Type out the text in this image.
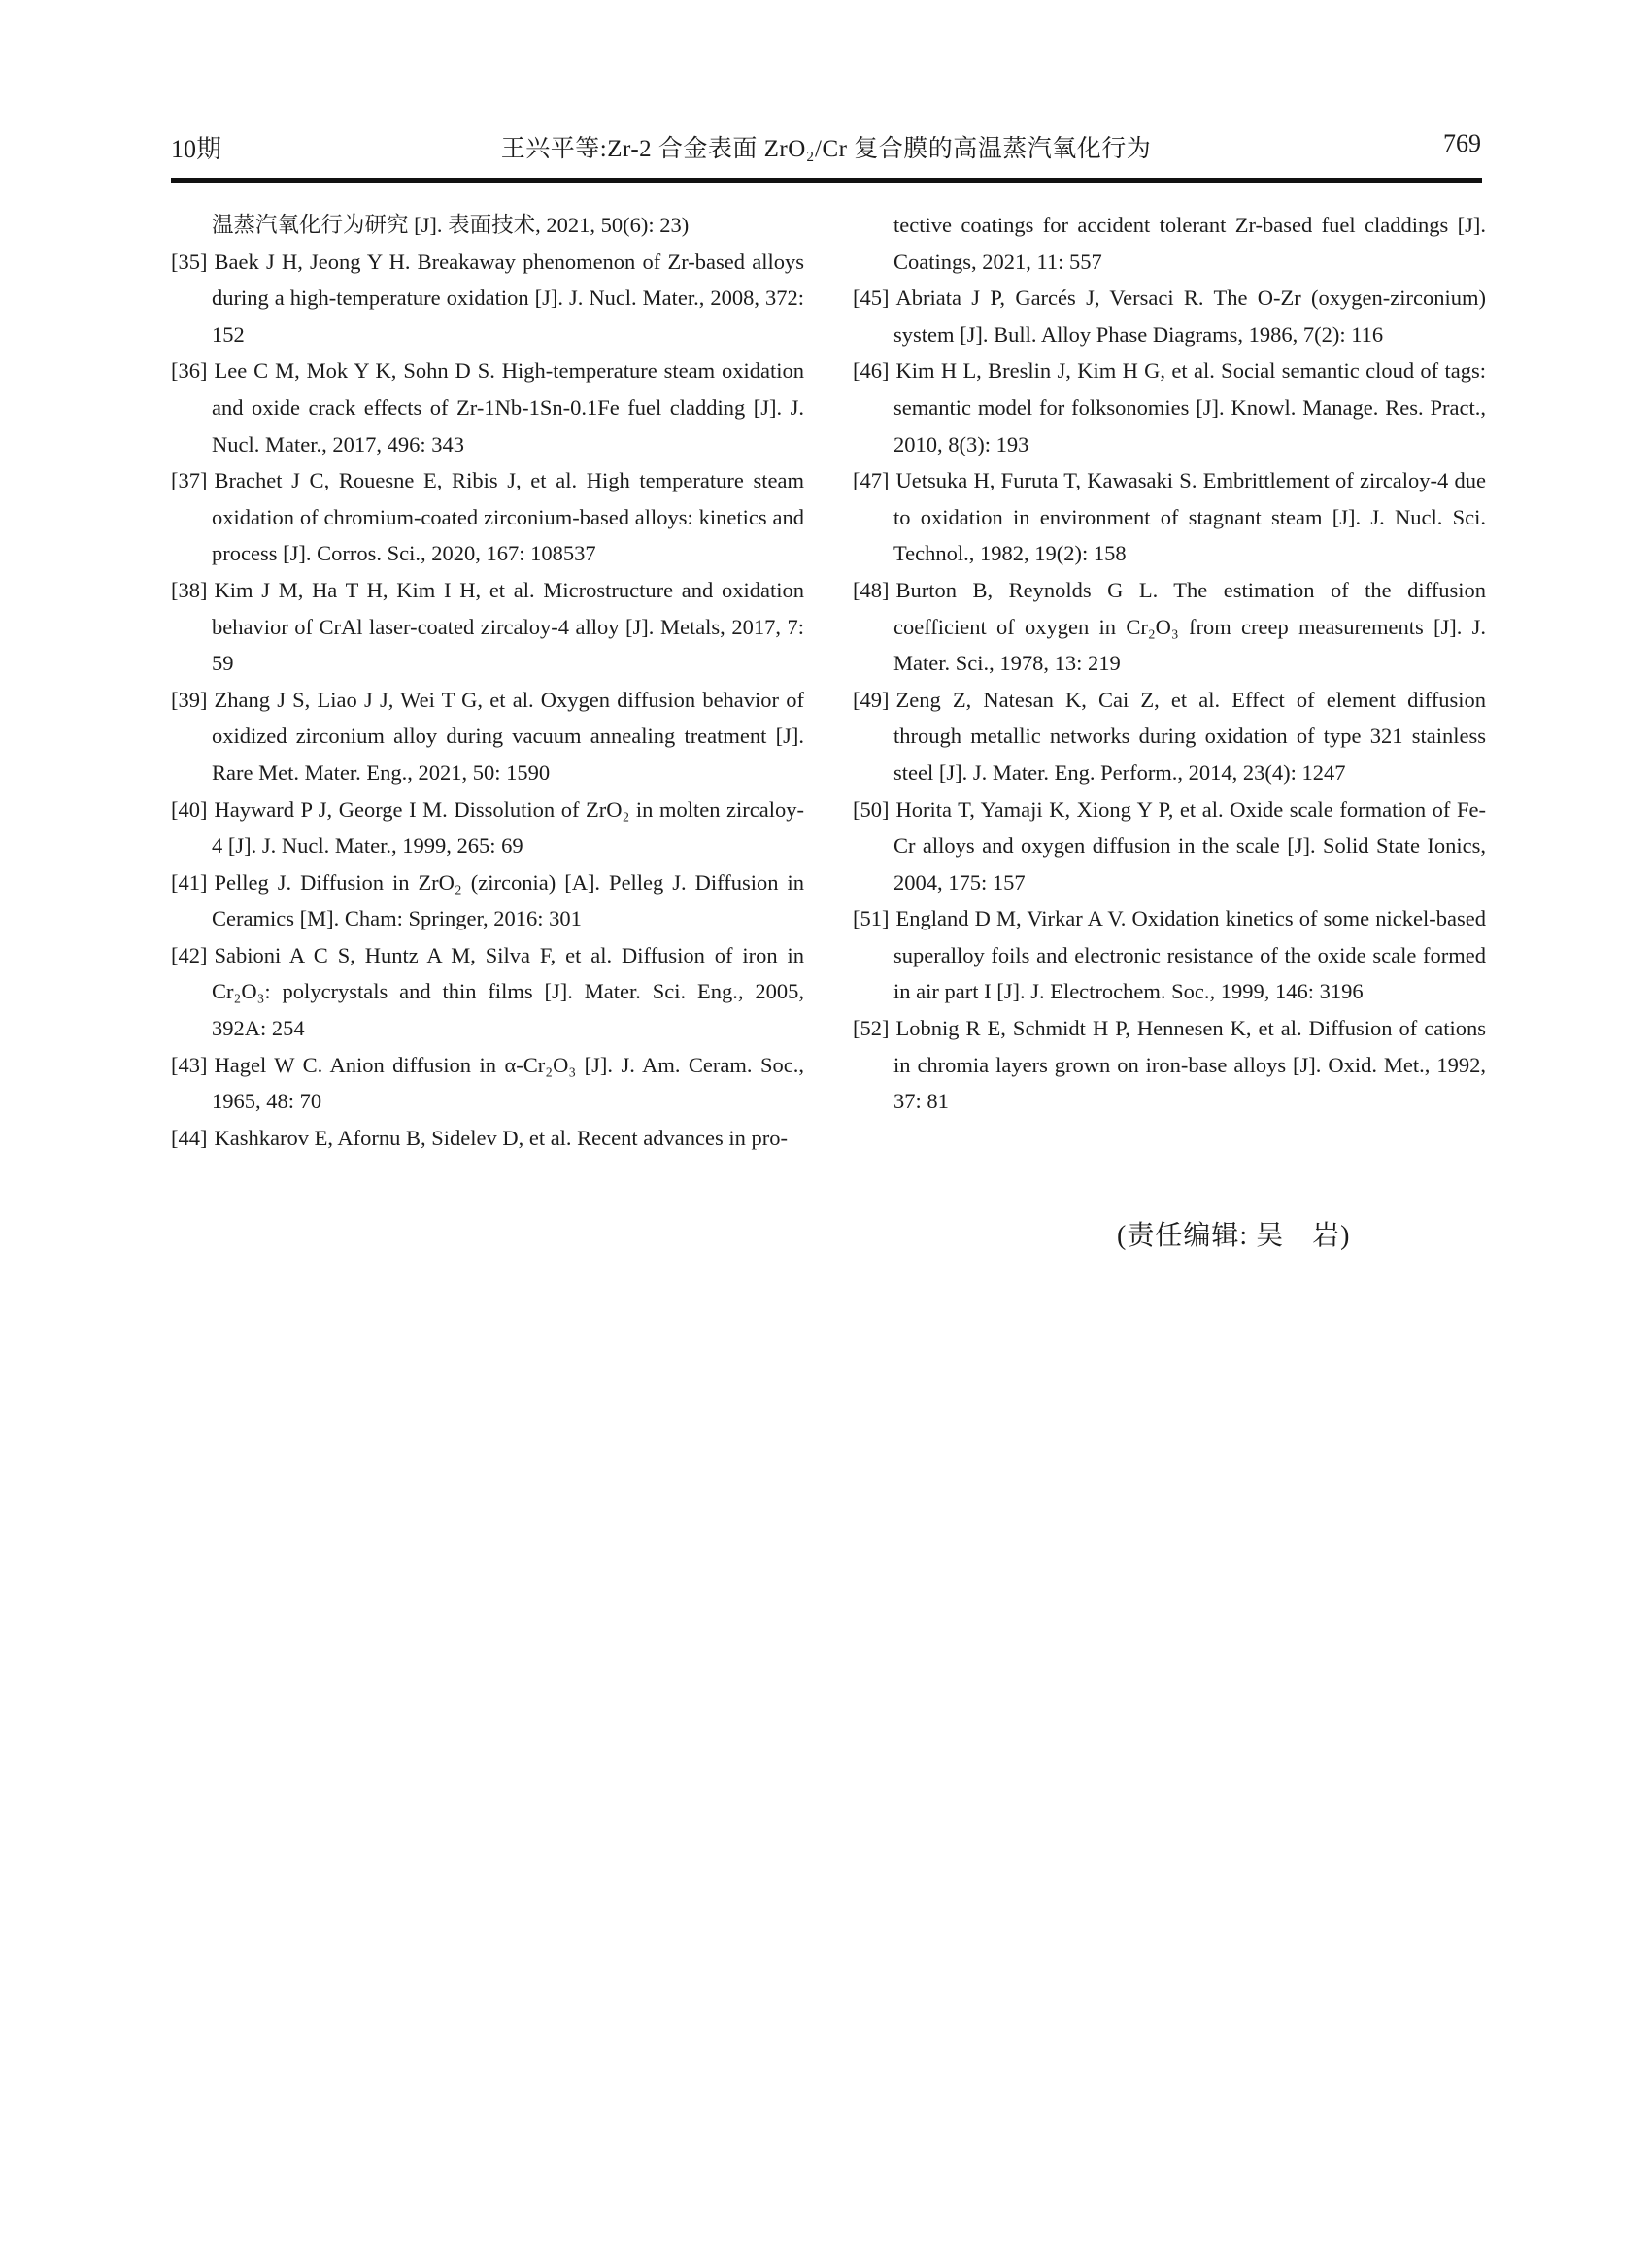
10期	王兴平等:Zr-2 合金表面 ZrO₂/Cr 复合膜的高温蒸汽氧化行为	769

温蒸汽氧化行为研究 [J]. 表面技术, 2021, 50(6): 23)

[35] Baek J H, Jeong Y H. Breakaway phenomenon of Zr-based alloys during a high-temperature oxidation [J]. J. Nucl. Mater., 2008, 372: 152

[36] Lee C M, Mok Y K, Sohn D S. High-temperature steam oxidation and oxide crack effects of Zr-1Nb-1Sn-0.1Fe fuel cladding [J]. J. Nucl. Mater., 2017, 496: 343

[37] Brachet J C, Rouesne E, Ribis J, et al. High temperature steam oxidation of chromium-coated zirconium-based alloys: kinetics and process [J]. Corros. Sci., 2020, 167: 108537

[38] Kim J M, Ha T H, Kim I H, et al. Microstructure and oxidation behavior of CrAl laser-coated zircaloy-4 alloy [J]. Metals, 2017, 7: 59

[39] Zhang J S, Liao J J, Wei T G, et al. Oxygen diffusion behavior of oxidized zirconium alloy during vacuum annealing treatment [J]. Rare Met. Mater. Eng., 2021, 50: 1590

[40] Hayward P J, George I M. Dissolution of ZrO₂ in molten zircaloy-4 [J]. J. Nucl. Mater., 1999, 265: 69

[41] Pelleg J. Diffusion in ZrO₂ (zirconia) [A]. Pelleg J. Diffusion in Ceramics [M]. Cham: Springer, 2016: 301

[42] Sabioni A C S, Huntz A M, Silva F, et al. Diffusion of iron in Cr₂O₃: polycrystals and thin films [J]. Mater. Sci. Eng., 2005, 392A: 254

[43] Hagel W C. Anion diffusion in α-Cr₂O₃ [J]. J. Am. Ceram. Soc., 1965, 48: 70

[44] Kashkarov E, Afornu B, Sidelev D, et al. Recent advances in pro-

tective coatings for accident tolerant Zr-based fuel claddings [J]. Coatings, 2021, 11: 557

[45] Abriata J P, Garcés J, Versaci R. The O-Zr (oxygen-zirconium) system [J]. Bull. Alloy Phase Diagrams, 1986, 7(2): 116

[46] Kim H L, Breslin J, Kim H G, et al. Social semantic cloud of tags: semantic model for folksonomies [J]. Knowl. Manage. Res. Pract., 2010, 8(3): 193

[47] Uetsuka H, Furuta T, Kawasaki S. Embrittlement of zircaloy-4 due to oxidation in environment of stagnant steam [J]. J. Nucl. Sci. Technol., 1982, 19(2): 158

[48] Burton B, Reynolds G L. The estimation of the diffusion coefficient of oxygen in Cr₂O₃ from creep measurements [J]. J. Mater. Sci., 1978, 13: 219

[49] Zeng Z, Natesan K, Cai Z, et al. Effect of element diffusion through metallic networks during oxidation of type 321 stainless steel [J]. J. Mater. Eng. Perform., 2014, 23(4): 1247

[50] Horita T, Yamaji K, Xiong Y P, et al. Oxide scale formation of Fe-Cr alloys and oxygen diffusion in the scale [J]. Solid State Ionics, 2004, 175: 157

[51] England D M, Virkar A V. Oxidation kinetics of some nickel-based superalloy foils and electronic resistance of the oxide scale formed in air part I [J]. J. Electrochem. Soc., 1999, 146: 3196

[52] Lobnig R E, Schmidt H P, Hennesen K, et al. Diffusion of cations in chromia layers grown on iron-base alloys [J]. Oxid. Met., 1992, 37: 81

(责任编辑: 吴　岩)
